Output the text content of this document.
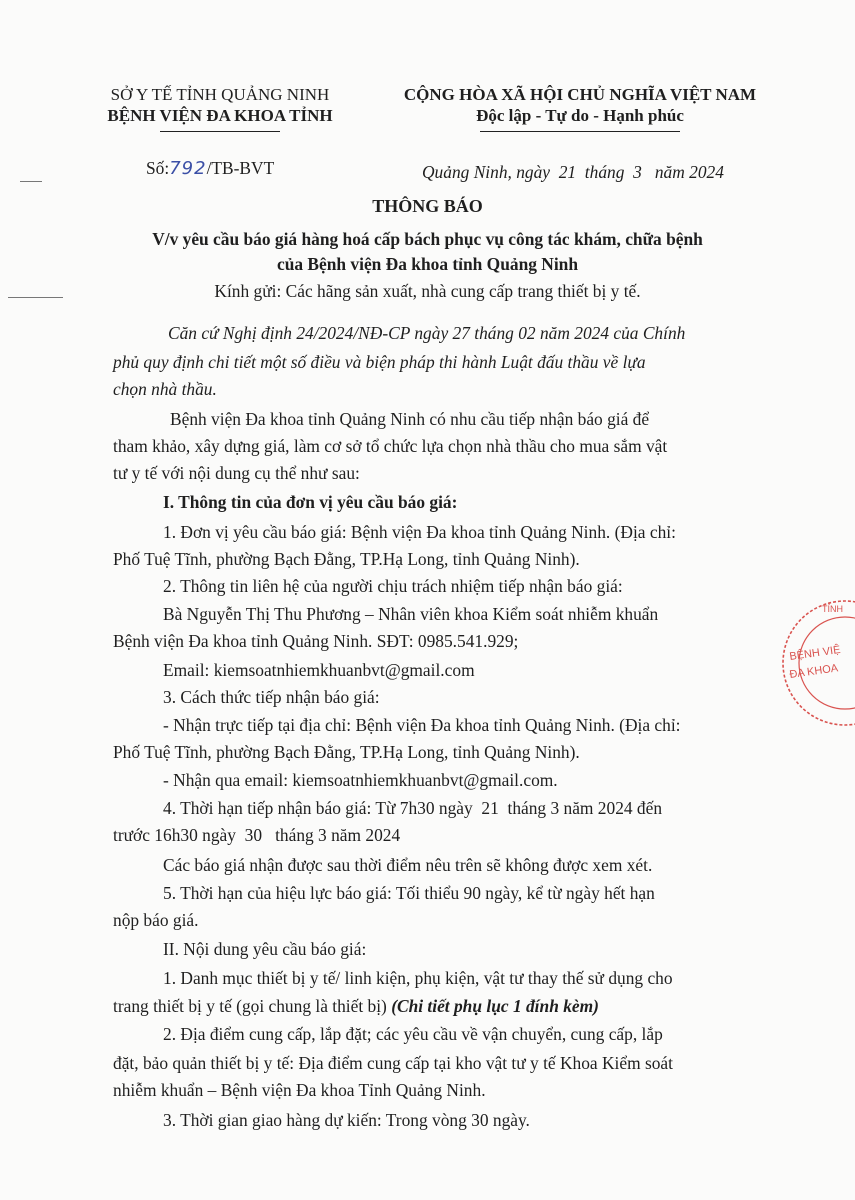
SỞ Y TẾ TỈNH QUẢNG NINH
BỆNH VIỆN ĐA KHOA TỈNH
CỘNG HÒA XÃ HỘI CHỦ NGHĨA VIỆT NAM
Độc lập - Tự do - Hạnh phúc
Số:792/TB-BVT	Quảng Ninh, ngày  21  tháng  3   năm 2024
THÔNG BÁO
V/v yêu cầu báo giá hàng hoá cấp bách phục vụ công tác khám, chữa bệnh
của Bệnh viện Đa khoa tỉnh Quảng Ninh
Kính gửi: Các hãng sản xuất, nhà cung cấp trang thiết bị y tế.
Căn cứ Nghị định 24/2024/NĐ-CP ngày 27 tháng 02 năm 2024 của Chính
phủ quy định chi tiết một số điều và biện pháp thi hành Luật đấu thầu về lựa
chọn nhà thầu.
Bệnh viện Đa khoa tỉnh Quảng Ninh có nhu cầu tiếp nhận báo giá để
tham khảo, xây dựng giá, làm cơ sở tổ chức lựa chọn nhà thầu cho mua sắm vật
tư y tế với nội dung cụ thể như sau:
I. Thông tin của đơn vị yêu cầu báo giá:
1. Đơn vị yêu cầu báo giá: Bệnh viện Đa khoa tỉnh Quảng Ninh. (Địa chỉ:
Phố Tuệ Tĩnh, phường Bạch Đằng, TP.Hạ Long, tỉnh Quảng Ninh).
2. Thông tin liên hệ của người chịu trách nhiệm tiếp nhận báo giá:
Bà Nguyễn Thị Thu Phương – Nhân viên khoa Kiểm soát nhiễm khuẩn
Bệnh viện Đa khoa tỉnh Quảng Ninh. SĐT: 0985.541.929;
Email: kiemsoatnhiemkhuanbvt@gmail.com
3. Cách thức tiếp nhận báo giá:
- Nhận trực tiếp tại địa chỉ: Bệnh viện Đa khoa tỉnh Quảng Ninh. (Địa chỉ:
Phố Tuệ Tĩnh, phường Bạch Đằng, TP.Hạ Long, tỉnh Quảng Ninh).
- Nhận qua email: kiemsoatnhiemkhuanbvt@gmail.com.
4. Thời hạn tiếp nhận báo giá: Từ 7h30 ngày  21  tháng 3 năm 2024 đến
trước 16h30 ngày  30   tháng 3 năm 2024
Các báo giá nhận được sau thời điểm nêu trên sẽ không được xem xét.
5. Thời hạn của hiệu lực báo giá: Tối thiểu 90 ngày, kể từ ngày hết hạn
nộp báo giá.
II. Nội dung yêu cầu báo giá:
1. Danh mục thiết bị y tế/ linh kiện, phụ kiện, vật tư thay thế sử dụng cho
trang thiết bị y tế (gọi chung là thiết bị) (Chi tiết phụ lục 1 đính kèm)
2. Địa điểm cung cấp, lắp đặt; các yêu cầu về vận chuyển, cung cấp, lắp
đặt, bảo quản thiết bị y tế: Địa điểm cung cấp tại kho vật tư y tế Khoa Kiểm soát
nhiễm khuẩn – Bệnh viện Đa khoa Tỉnh Quảng Ninh.
3. Thời gian giao hàng dự kiến: Trong vòng 30 ngày.
TỈNH
BỆNH VIỆ
ĐA KHOA
